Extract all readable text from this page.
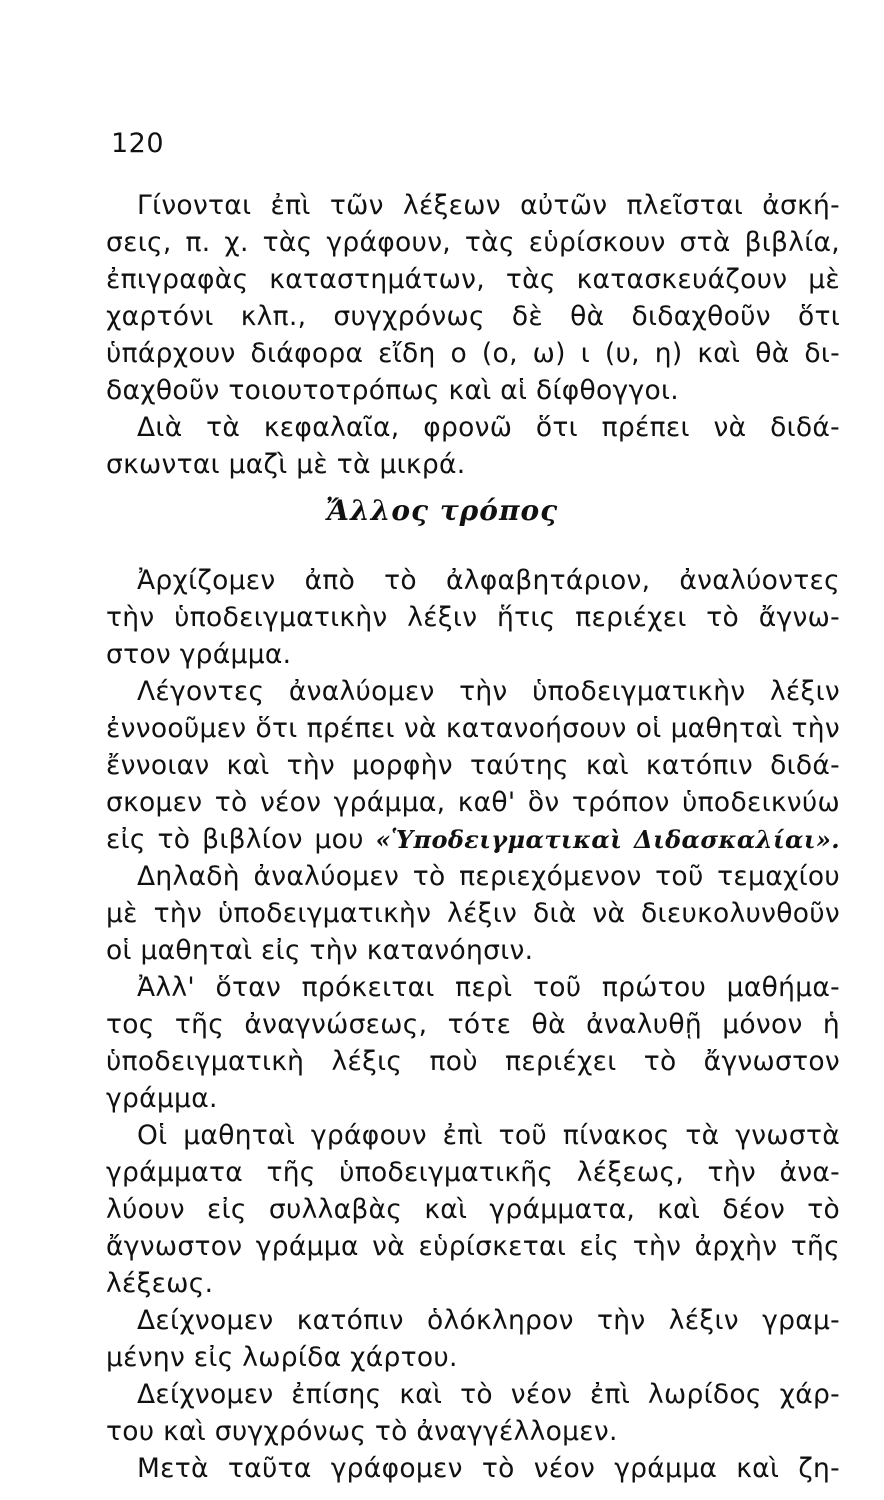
120
Γίνονται ἐπὶ τῶν λέξεων αὐτῶν πλεῖσται ἀσκή-
σεις, π. χ. τὰς γράφουν, τὰς εὑρίσκουν στὰ βιβλία,
ἐπιγραφὰς καταστημάτων, τὰς κατασκευάζουν μὲ
χαρτόνι κλπ., συγχρόνως δὲ θὰ διδαχθοῦν ὅτι
ὑπάρχουν διάφορα εἴδη ο (ο, ω) ι (υ, η) καὶ θὰ δι-
δαχθοῦν τοιουτοτρόπως καὶ αἱ δίφθογγοι.
Διὰ τὰ κεφαλαῖα, φρονῶ ὅτι πρέπει νὰ διδά-
σκωνται μαζὶ μὲ τὰ μικρά.
Ἄλλος τρόπος
Ἀρχίζομεν ἀπὸ τὸ ἀλφαβητάριον, ἀναλύοντες
τὴν ὑποδειγματικὴν λέξιν ἥτις περιέχει τὸ ἄγνω-
στον γράμμα.
Λέγοντες ἀναλύομεν τὴν ὑποδειγματικὴν λέξιν
ἐννοοῦμεν ὅτι πρέπει νὰ κατανοήσουν οἱ μαθηταὶ τὴν
ἔννοιαν καὶ τὴν μορφὴν ταύτης καὶ κατόπιν διδά-
σκομεν τὸ νέον γράμμα, καθ' ὃν τρόπον ὑποδεικνύω
εἰς τὸ βιβλίον μου «Ὑποδειγματικαὶ Διδασκαλίαι».
Δηλαδὴ ἀναλύομεν τὸ περιεχόμενον τοῦ τεμαχίου
μὲ τὴν ὑποδειγματικὴν λέξιν διὰ νὰ διευκολυνθοῦν
οἱ μαθηταὶ εἰς τὴν κατανόησιν.
Ἀλλ' ὅταν πρόκειται περὶ τοῦ πρώτου μαθήμα-
τος τῆς ἀναγνώσεως, τότε θὰ ἀναλυθῇ μόνον ἡ
ὑποδειγματικὴ λέξις ποὺ περιέχει τὸ ἄγνωστον
γράμμα.
Οἱ μαθηταὶ γράφουν ἐπὶ τοῦ πίνακος τὰ γνωστὰ
γράμματα τῆς ὑποδειγματικῆς λέξεως, τὴν ἀνα-
λύουν εἰς συλλαβὰς καὶ γράμματα, καὶ δέον τὸ
ἄγνωστον γράμμα νὰ εὑρίσκεται εἰς τὴν ἀρχὴν τῆς
λέξεως.
Δείχνομεν κατόπιν ὁλόκληρον τὴν λέξιν γραμ-
μένην εἰς λωρίδα χάρτου.
Δείχνομεν ἐπίσης καὶ τὸ νέον ἐπὶ λωρίδος χάρ-
του καὶ συγχρόνως τὸ ἀναγγέλλομεν.
Μετὰ ταῦτα γράφομεν τὸ νέον γράμμα καὶ ζη-
